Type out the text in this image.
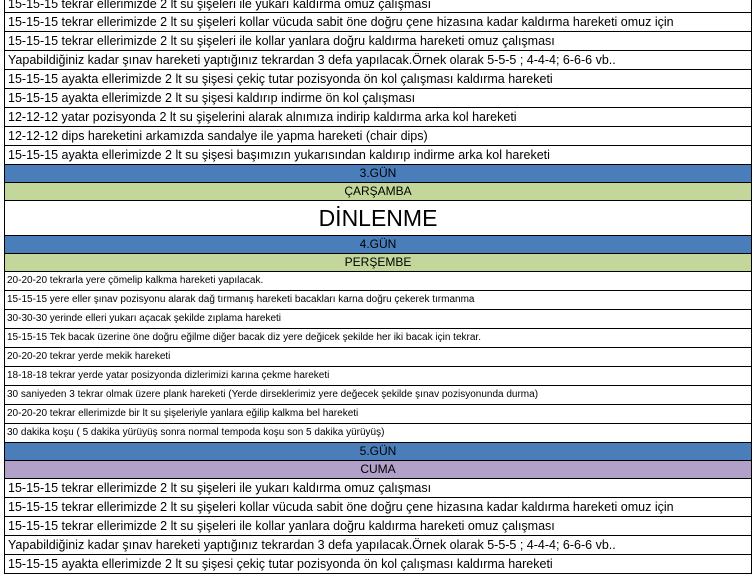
15-15-15 tekrar ellerimizde 2 lt su şişeleri ile yukarı kaldırma omuz çalışması
15-15-15 tekrar ellerimizde 2 lt su şişeleri kollar vücuda sabit öne doğru çene hizasına kadar kaldırma hareketi omuz için
15-15-15 tekrar ellerimizde 2 lt su şişeleri ile kollar yanlara doğru kaldırma hareketi omuz çalışması
Yapabildiğiniz kadar şınav hareketi yaptığınız tekrardan 3 defa yapılacak.Örnek olarak 5-5-5 ; 4-4-4; 6-6-6 vb..
15-15-15 ayakta ellerimizde 2 lt su şişesi çekiç tutar pozisyonda ön kol çalışması kaldırma hareketi
15-15-15 ayakta ellerimizde 2 lt su şişesi kaldırıp indirme ön kol çalışması
12-12-12 yatar pozisyonda 2 lt su şişelerini alarak alnımıza indirip kaldırma arka kol hareketi
12-12-12 dips hareketini arkamızda sandalye ile yapma hareketi (chair dips)
15-15-15 ayakta ellerimizde 2 lt su şişesi başımızın yukarısından kaldırıp indirme arka kol hareketi
3.GÜN
ÇARŞAMBA
DİNLENME
4.GÜN
PERŞEMBE
20-20-20 tekrarla yere çömelip kalkma hareketi yapılacak.
15-15-15 yere eller şınav pozisyonu alarak dağ tırmanış hareketi bacakları karna doğru çekerek tırmanma
30-30-30 yerinde elleri yukarı açacak şekilde zıplama hareketi
15-15-15 Tek bacak üzerine öne doğru eğilme diğer bacak diz yere değicek şekilde her iki bacak için tekrar.
20-20-20 tekrar yerde mekik hareketi
18-18-18 tekrar yerde yatar posizyonda dizlerimizi karına çekme hareketi
30 saniyeden 3 tekrar olmak üzere plank hareketi (Yerde dirseklerimiz yere değecek şekilde şınav pozisyonunda durma)
20-20-20 tekrar ellerimizde bir lt su şişeleriyle yanlara eğilip kalkma bel hareketi
30 dakika koşu ( 5 dakika yürüyüş sonra normal tempoda koşu son 5 dakika yürüyüş)
5.GÜN
CUMA
15-15-15 tekrar ellerimizde 2 lt su şişeleri ile yukarı kaldırma omuz çalışması
15-15-15 tekrar ellerimizde 2 lt su şişeleri kollar vücuda sabit öne doğru çene hizasına kadar kaldırma hareketi omuz için
15-15-15 tekrar ellerimizde 2 lt su şişeleri ile kollar yanlara doğru kaldırma hareketi omuz çalışması
Yapabildiğiniz kadar şınav hareketi yaptığınız tekrardan 3 defa yapılacak.Örnek olarak 5-5-5 ; 4-4-4; 6-6-6 vb..
15-15-15 ayakta ellerimizde 2 lt su şişesi çekiç tutar pozisyonda ön kol çalışması kaldırma hareketi
